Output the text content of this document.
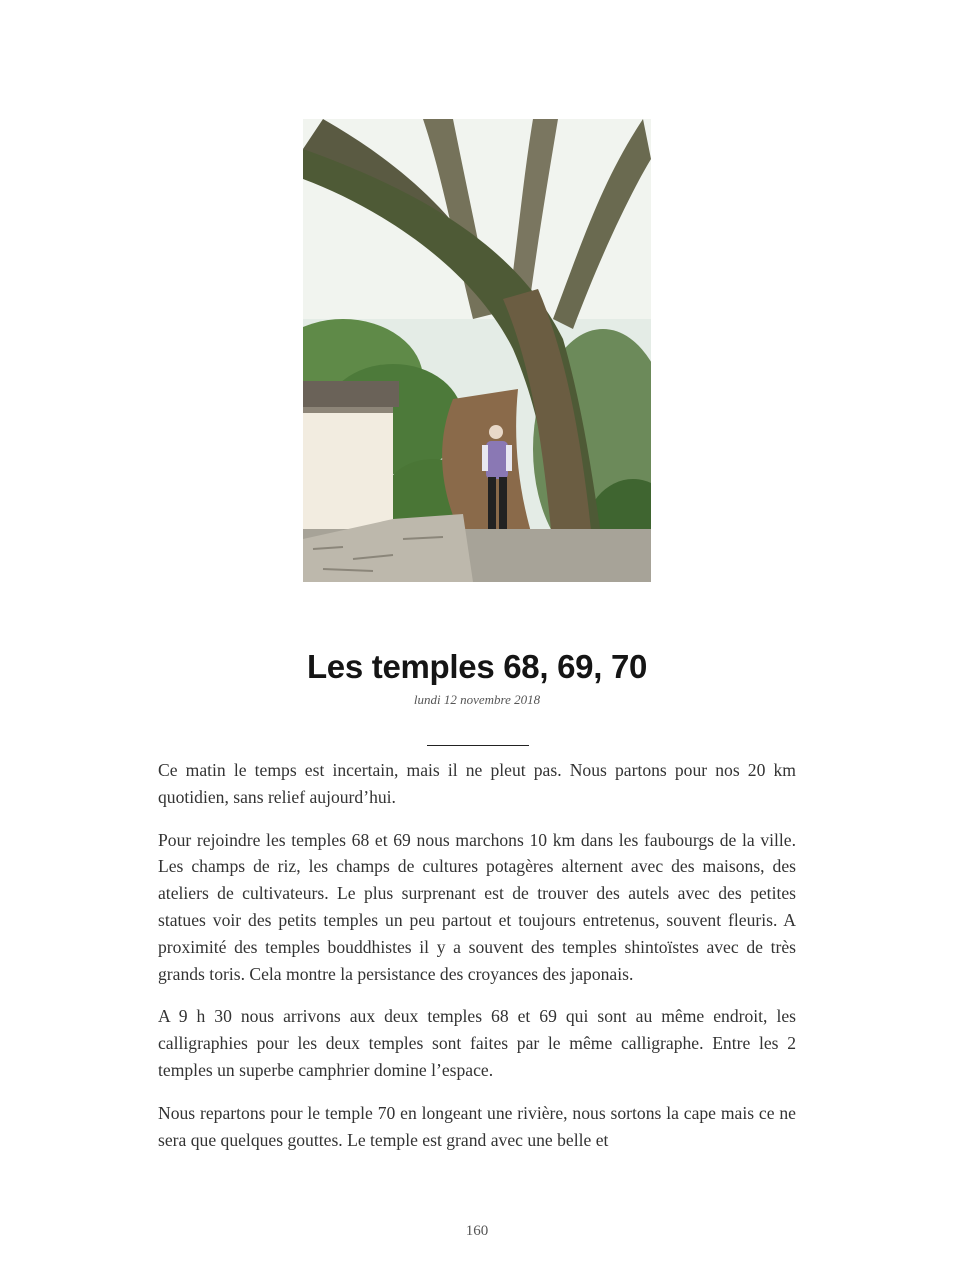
Les temples 68, 69, 70
lundi 12 novembre 2018

Ce matin le temps est incertain, mais il ne pleut pas. Nous partons pour nos 20 km quotidien, sans relief aujourd’hui.

Pour rejoindre les temples 68 et 69 nous marchons 10 km dans les faubourgs de la ville. Les champs de riz, les champs de cultures potagères alternent avec des maisons, des ateliers de cultivateurs. Le plus surprenant est de trouver des autels avec des petites statues voir des petits temples un peu partout et toujours entretenus, souvent fleuris. A proximité des temples bouddhistes il y a souvent des temples shintoïstes avec de très grands toris. Cela montre la persistance des croyances des japonais.

A 9 h 30 nous arrivons aux deux temples 68 et 69 qui sont au même endroit, les calligraphies pour les deux temples sont faites par le même calligraphe. Entre les 2 temples un superbe camphrier domine l’espace.

Nous repartons pour le temple 70 en longeant une rivière, nous sortons la cape mais ce ne sera que quelques gouttes. Le temple est grand avec une belle et

160
